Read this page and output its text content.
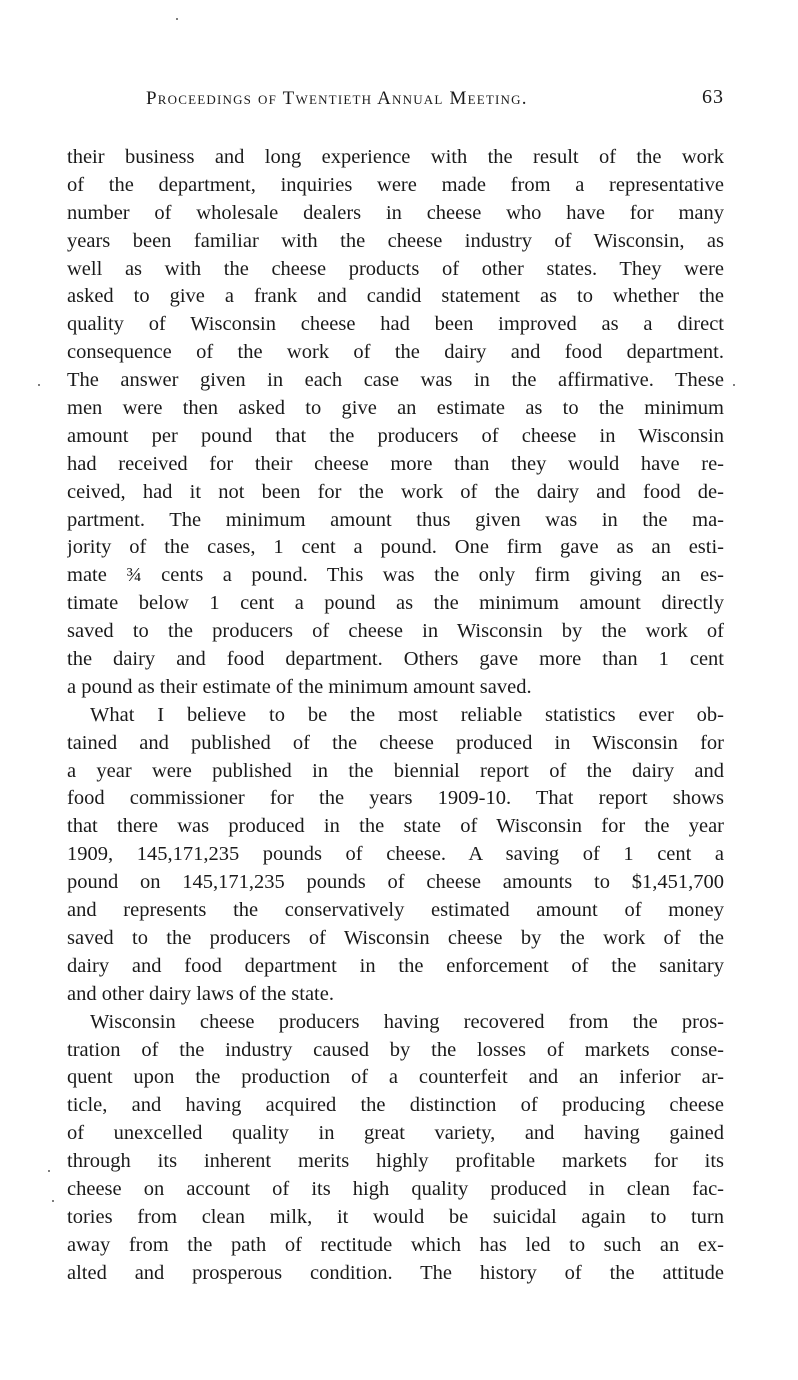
Proceedings of Twentieth Annual Meeting.	63
their business and long experience with the result of the work
of the department, inquiries were made from a representative
number of wholesale dealers in cheese who have for many
years been familiar with the cheese industry of Wisconsin, as
well as with the cheese products of other states. They were
asked to give a frank and candid statement as to whether the
quality of Wisconsin cheese had been improved as a direct
consequence of the work of the dairy and food department.
The answer given in each case was in the affirmative. These
men were then asked to give an estimate as to the minimum
amount per pound that the producers of cheese in Wisconsin
had received for their cheese more than they would have re-
ceived, had it not been for the work of the dairy and food de-
partment. The minimum amount thus given was in the ma-
jority of the cases, 1 cent a pound. One firm gave as an esti-
mate ¾ cents a pound. This was the only firm giving an es-
timate below 1 cent a pound as the minimum amount directly
saved to the producers of cheese in Wisconsin by the work of
the dairy and food department. Others gave more than 1 cent
a pound as their estimate of the minimum amount saved.
What I believe to be the most reliable statistics ever ob-
tained and published of the cheese produced in Wisconsin for
a year were published in the biennial report of the dairy and
food commissioner for the years 1909-10. That report shows
that there was produced in the state of Wisconsin for the year
1909, 145,171,235 pounds of cheese. A saving of 1 cent a
pound on 145,171,235 pounds of cheese amounts to $1,451,700
and represents the conservatively estimated amount of money
saved to the producers of Wisconsin cheese by the work of the
dairy and food department in the enforcement of the sanitary
and other dairy laws of the state.
Wisconsin cheese producers having recovered from the pros-
tration of the industry caused by the losses of markets conse-
quent upon the production of a counterfeit and an inferior ar-
ticle, and having acquired the distinction of producing cheese
of unexcelled quality in great variety, and having gained
through its inherent merits highly profitable markets for its
cheese on account of its high quality produced in clean fac-
tories from clean milk, it would be suicidal again to turn
away from the path of rectitude which has led to such an ex-
alted and prosperous condition. The history of the attitude
